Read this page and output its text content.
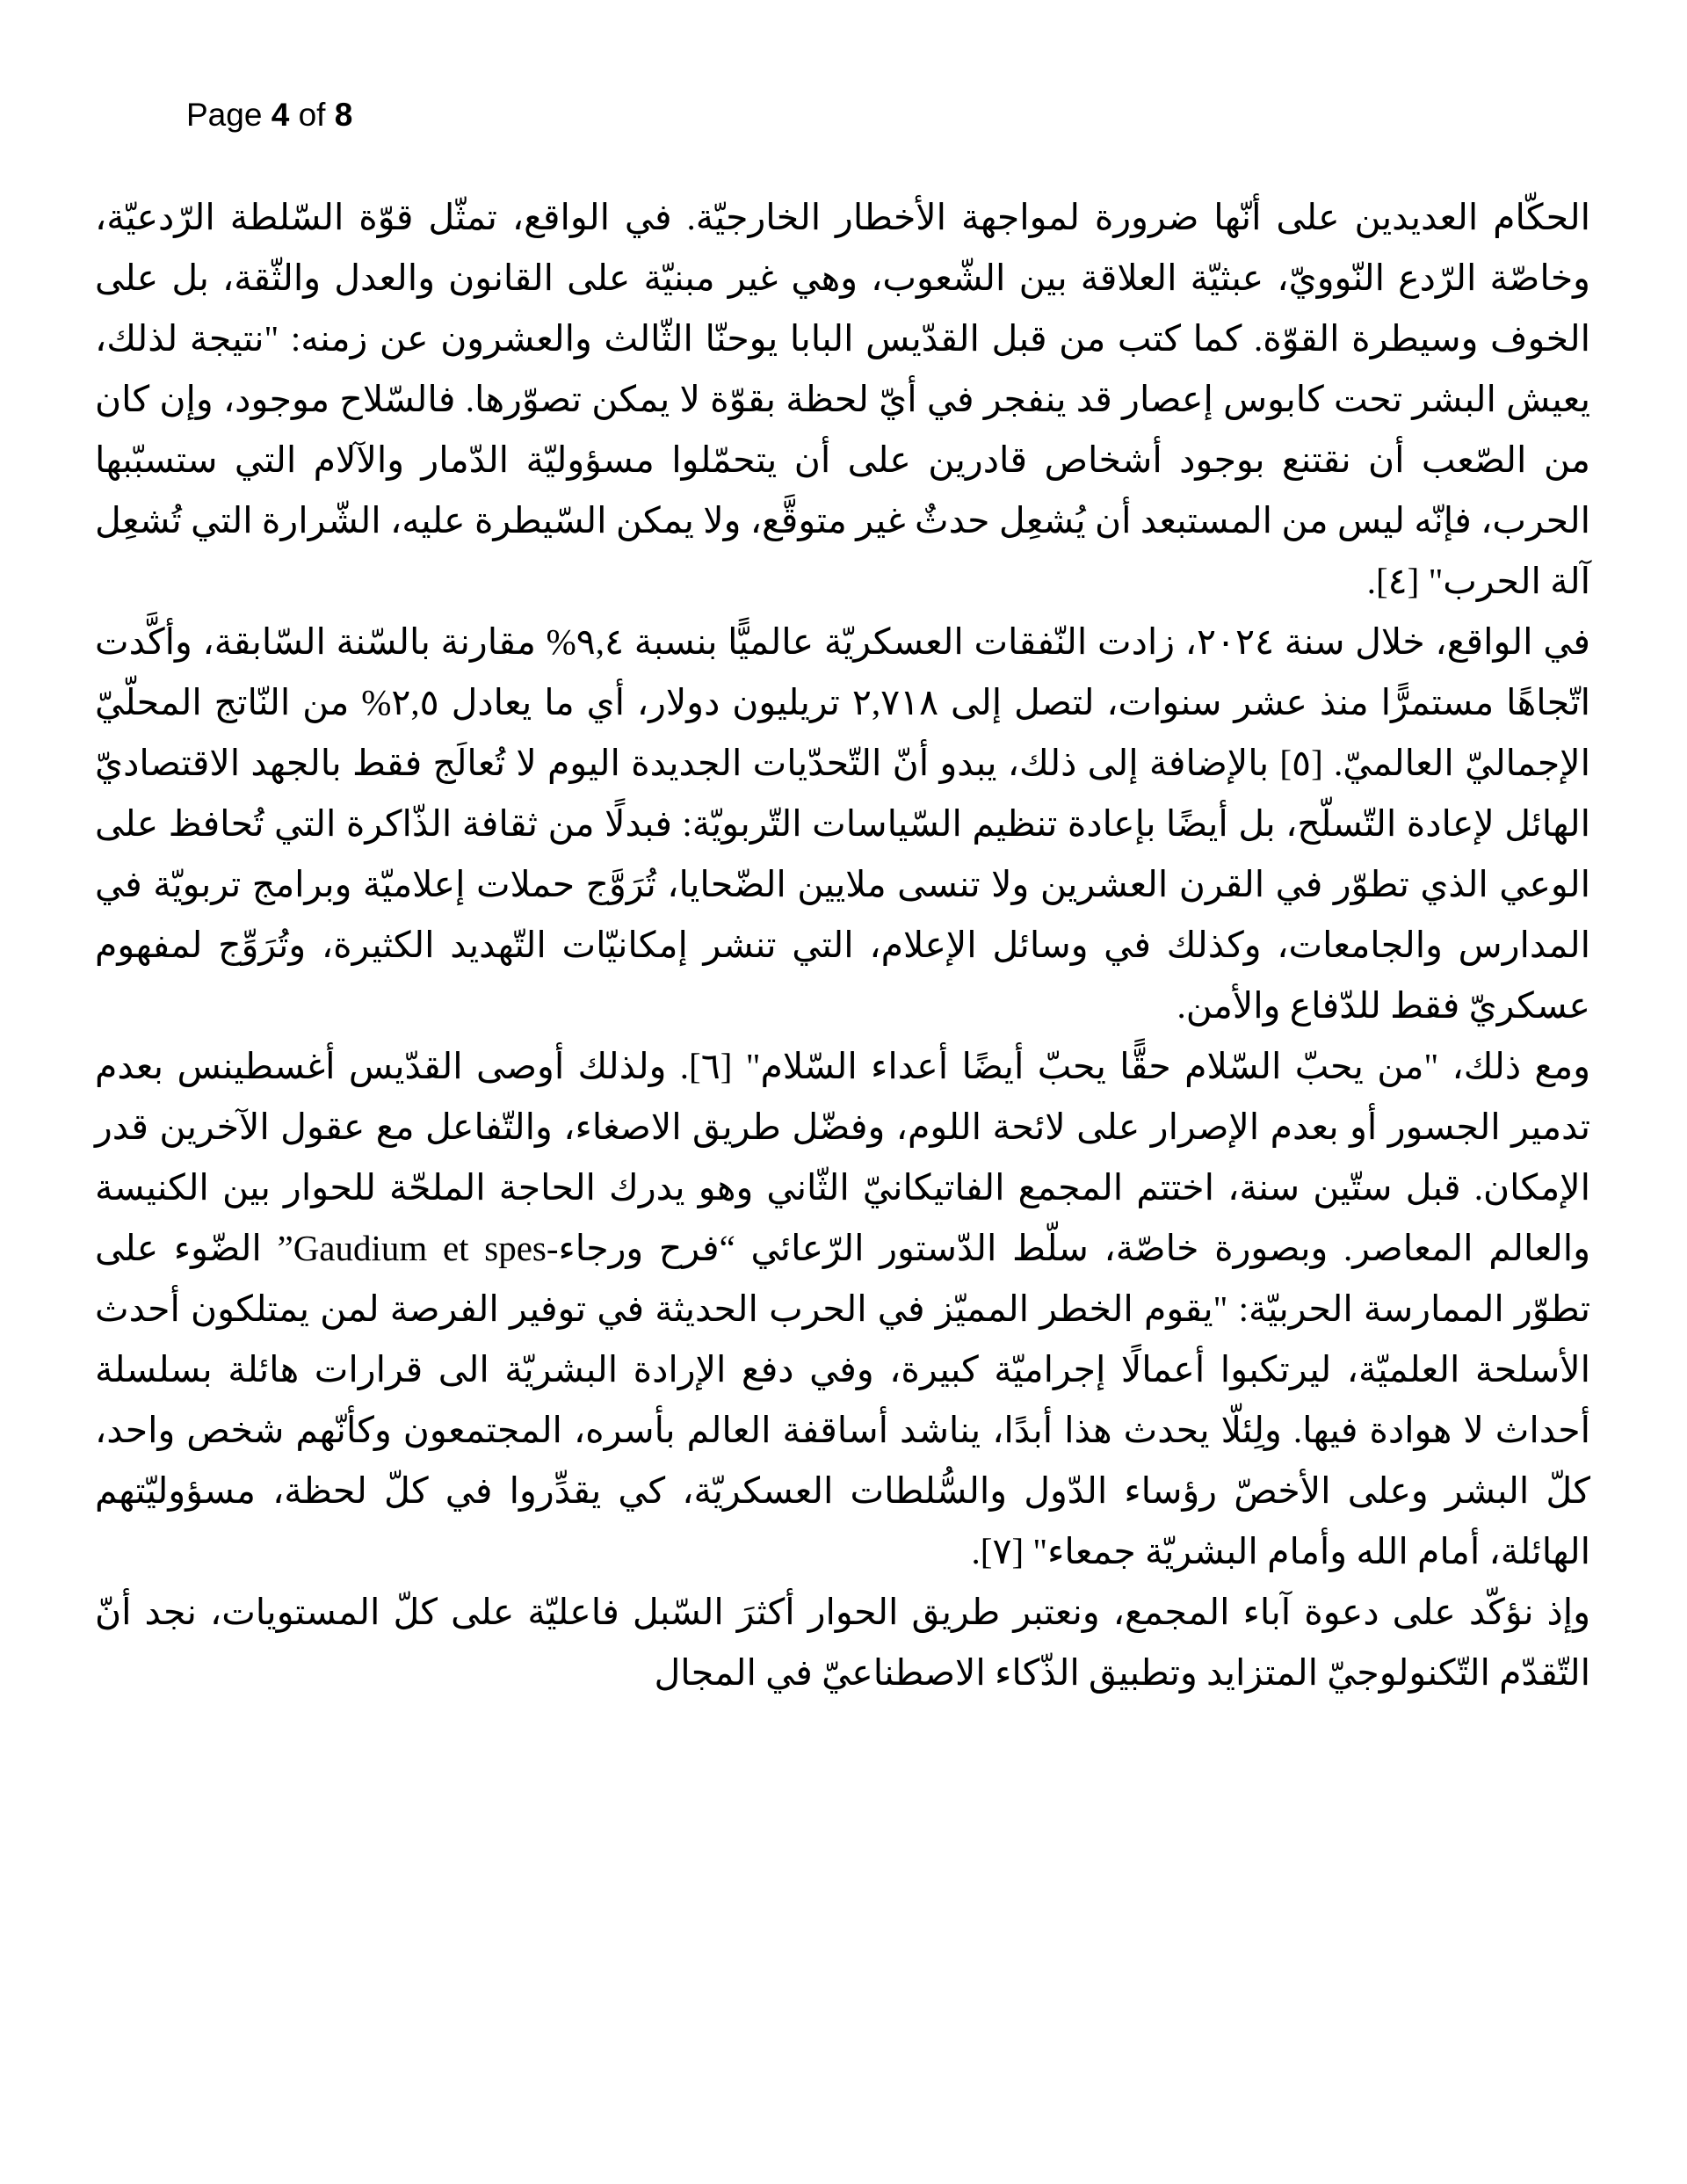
Page 4 of 8

الحكّام العديدين على أنّها ضرورة لمواجهة الأخطار الخارجيّة. في الواقع، تمثّل قوّة السّلطة الرّدعيّة، وخاصّة الرّدع النّوويّ، عبثيّة العلاقة بين الشّعوب، وهي غير مبنيّة على القانون والعدل والثّقة، بل على الخوف وسيطرة القوّة. كما كتب من قبل القدّيس البابا يوحنّا الثّالث والعشرون عن زمنه: "نتيجة لذلك، يعيش البشر تحت كابوس إعصار قد ينفجر في أيّ لحظة بقوّة لا يمكن تصوّرها. فالسّلاح موجود، وإن كان من الصّعب أن نقتنع بوجود أشخاص قادرين على أن يتحمّلوا مسؤوليّة الدّمار والآلام التي ستسبّبها الحرب، فإنّه ليس من المستبعد أن يُشعِل حدثٌ غير متوقَّع، ولا يمكن السّيطرة عليه، الشّرارة التي تُشعِل آلة الحرب" [٤].

في الواقع، خلال سنة ٢٠٢٤، زادت النّفقات العسكريّة عالميًّا بنسبة ٩,٤% مقارنة بالسّنة السّابقة، وأكَّدت اتّجاهًا مستمرًّا منذ عشر سنوات، لتصل إلى ٢,٧١٨ تريليون دولار، أي ما يعادل ٢,٥% من النّاتج المحلّيّ الإجماليّ العالميّ. [٥] بالإضافة إلى ذلك، يبدو أنّ التّحدّيات الجديدة اليوم لا تُعالَج فقط بالجهد الاقتصاديّ الهائل لإعادة التّسلّح، بل أيضًا بإعادة تنظيم السّياسات التّربويّة: فبدلًا من ثقافة الذّاكرة التي تُحافظ على الوعي الذي تطوّر في القرن العشرين ولا تنسى ملايين الضّحايا، تُرَوَّج حملات إعلاميّة وبرامج تربويّة في المدارس والجامعات، وكذلك في وسائل الإعلام، التي تنشر إمكانيّات التّهديد الكثيرة، وتُرَوِّج لمفهوم عسكريّ فقط للدّفاع والأمن.

ومع ذلك، "من يحبّ السّلام حقًّا يحبّ أيضًا أعداء السّلام" [٦]. ولذلك أوصى القدّيس أغسطينس بعدم تدمير الجسور أو بعدم الإصرار على لائحة اللوم، وفضّل طريق الاصغاء، والتّفاعل مع عقول الآخرين قدر الإمكان. قبل ستّين سنة، اختتم المجمع الفاتيكانيّ الثّاني وهو يدرك الحاجة الملحّة للحوار بين الكنيسة والعالم المعاصر. وبصورة خاصّة، سلّط الدّستور الرّعائي “فرح ورجاء-Gaudium et spes” الضّوء على تطوّر الممارسة الحربيّة: "يقوم الخطر المميّز في الحرب الحديثة في توفير الفرصة لمن يمتلكون أحدث الأسلحة العلميّة، ليرتكبوا أعمالًا إجراميّة كبيرة، وفي دفع الإرادة البشريّة الى قرارات هائلة بسلسلة أحداث لا هوادة فيها. ولِئلّا يحدث هذا أبدًا، يناشد أساقفة العالم بأسره، المجتمعون وكأنّهم شخص واحد، كلّ البشر وعلى الأخصّ رؤساء الدّول والسُّلطات العسكريّة، كي يقدِّروا في كلّ لحظة، مسؤوليّتهم الهائلة، أمام الله وأمام البشريّة جمعاء" [٧].

وإذ نؤكّد على دعوة آباء المجمع، ونعتبر طريق الحوار أكثرَ السّبل فاعليّة على كلّ المستويات، نجد أنّ التّقدّم التّكنولوجيّ المتزايد وتطبيق الذّكاء الاصطناعيّ في المجال
